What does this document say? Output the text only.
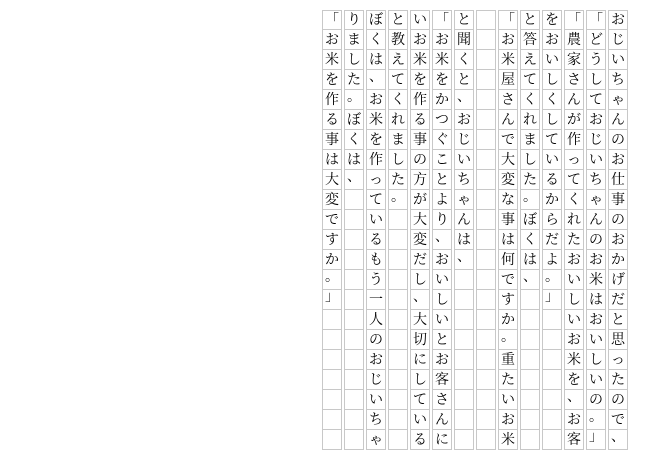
お
じ
い
ち
ゃ
ん
の
お
仕
事
の
お
か
げ
だ
と
思
っ
た
の
で
、
「
ど
う
し
て
お
じ
い
ち
ゃ
ん
の
お
米
は
お
い
し
い
の
。
」
「
農
家
さ
ん
が
作
っ
て
く
れ
た
お
い
し
い
お
米
を
、
お
客
を
お
い
し
く
し
て
い
る
か
ら
だ
よ
。
」
と
答
え
て
く
れ
ま
し
た
。
ぼ
く
は
、
「
お
米
屋
さ
ん
で
大
変
な
事
は
何
で
す
か
。
重
た
い
お
米
と
聞
く
と
、
お
じ
い
ち
ゃ
ん
は
、
「
お
米
を
か
つ
ぐ
こ
と
よ
り
、
お
い
し
い
と
お
客
さ
ん
に
い
お
米
を
作
る
事
の
方
が
大
変
だ
し
、
大
切
に
し
て
い
る
と
教
え
て
く
れ
ま
し
た
。
ぼ
く
は
、
お
米
を
作
っ
て
い
る
も
う
一
人
の
お
じ
い
ち
ゃ
り
ま
し
た
。
ぼ
く
は
、
「
お
米
を
作
る
事
は
大
変
で
す
か
。
」
